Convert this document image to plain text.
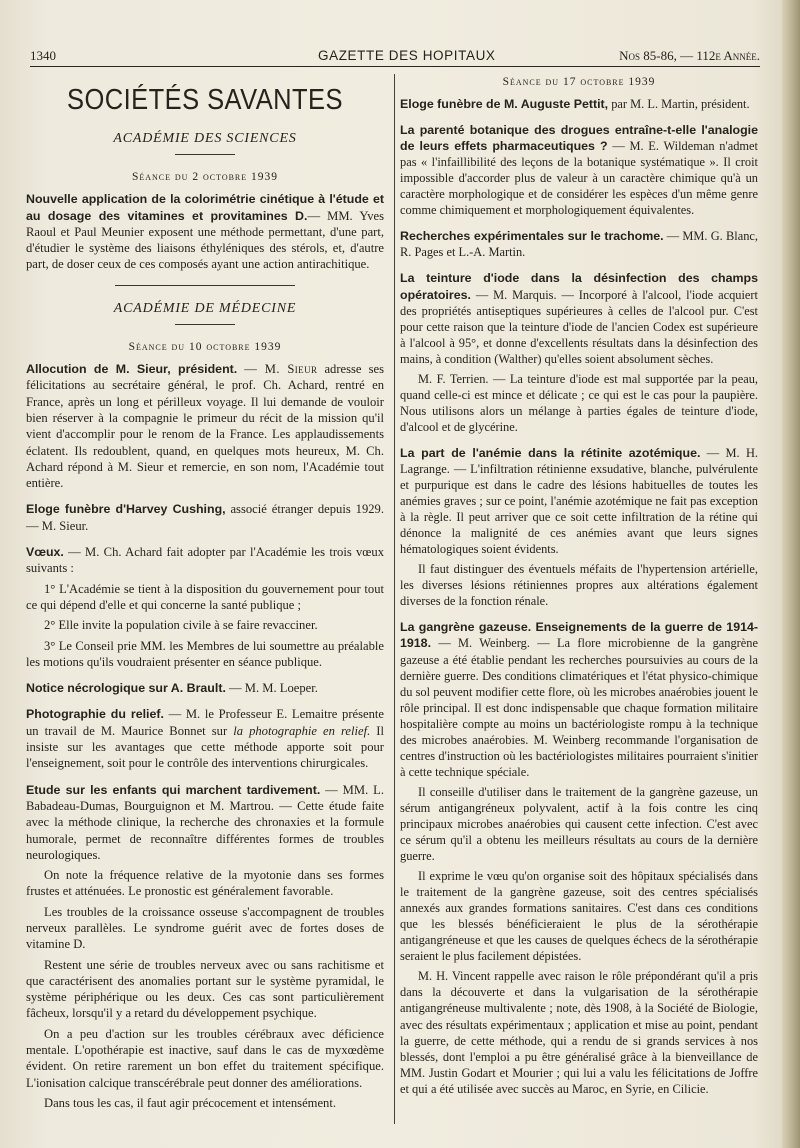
1340	GAZETTE DES HOPITAUX	Nos 85-86, — 112e Année.
SOCIÉTÉS SAVANTES
ACADÉMIE DES SCIENCES
Séance du 2 octobre 1939

Nouvelle application de la colorimétrie cinétique à l'étude et au dosage des vitamines et provitamines D.— MM. Yves Raoul et Paul Meunier exposent une méthode permettant, d'une part, d'étudier le système des liaisons éthyléniques des stérols, et, d'autre part, de doser ceux de ces composés ayant une action antirachitique.

ACADÉMIE DE MÉDECINE
Séance du 10 octobre 1939

Allocution de M. Sieur, président. — M. Sieur adresse ses félicitations au secrétaire général, le prof. Ch. Achard, rentré en France, après un long et périlleux voyage. Il lui demande de vouloir bien réserver à la compagnie le primeur du récit de la mission qu'il vient d'accomplir pour le renom de la France. Les applaudissements éclatent. Ils redoublent, quand, en quelques mots heureux, M. Ch. Achard répond à M. Sieur et remercie, en son nom, l'Académie tout entière.

Eloge funèbre d'Harvey Cushing, associé étranger depuis 1929. — M. Sieur.

Vœux. — M. Ch. Achard fait adopter par l'Académie les trois vœux suivants :

1° L'Académie se tient à la disposition du gouvernement pour tout ce qui dépend d'elle et qui concerne la santé publique ;

2° Elle invite la population civile à se faire revacciner.

3° Le Conseil prie MM. les Membres de lui soumettre au préalable les motions qu'ils voudraient présenter en séance publique.

Notice nécrologique sur A. Brault. — M. M. Loeper.

Photographie du relief. — M. le Professeur E. Lemaitre présente un travail de M. Maurice Bonnet sur la photographie en relief. Il insiste sur les avantages que cette méthode apporte soit pour l'enseignement, soit pour le contrôle des interventions chirurgicales.

Etude sur les enfants qui marchent tardivement. — MM. L. Babadeau-Dumas, Bourguignon et M. Martrou. — Cette étude faite avec la méthode clinique, la recherche des chronaxies et la formule humorale, permet de reconnaître différentes formes de troubles neurologiques.

On note la fréquence relative de la myotonie dans ses formes frustes et atténuées. Le pronostic est généralement favorable.

Les troubles de la croissance osseuse s'accompagnent de troubles nerveux parallèles. Le syndrome guérit avec de fortes doses de vitamine D.

Restent une série de troubles nerveux avec ou sans rachitisme et que caractérisent des anomalies portant sur le système pyramidal, le système périphérique ou les deux. Ces cas sont particulièrement fâcheux, lorsqu'il y a retard du développement psychique.

On a peu d'action sur les troubles cérébraux avec déficience mentale. L'opothérapie est inactive, sauf dans le cas de myxœdème évident. On retire rarement un bon effet du traitement spécifique. L'ionisation calcique transcérébrale peut donner des améliorations.

Dans tous les cas, il faut agir précocement et intensément.

Séance du 17 octobre 1939

Eloge funèbre de M. Auguste Pettit, par M. L. Martin, président.

La parenté botanique des drogues entraîne-t-elle l'analogie de leurs effets pharmaceutiques ? — M. E. Wildeman n'admet pas « l'infaillibilité des leçons de la botanique systématique ». Il croit impossible d'accorder plus de valeur à un caractère chimique qu'à un caractère morphologique et de considérer les espèces d'un même genre comme chimiquement et morphologiquement équivalentes.

Recherches expérimentales sur le trachome. — MM. G. Blanc, R. Pages et L.-A. Martin.

La teinture d'iode dans la désinfection des champs opératoires. — M. Marquis. — Incorporé à l'alcool, l'iode acquiert des propriétés antiseptiques supérieures à celles de l'alcool pur. C'est pour cette raison que la teinture d'iode de l'ancien Codex est supérieure à l'alcool à 95°, et donne d'excellents résultats dans la désinfection des mains, à condition (Walther) qu'elles soient absolument sèches.

M. F. Terrien. — La teinture d'iode est mal supportée par la peau, quand celle-ci est mince et délicate ; ce qui est le cas pour la paupière. Nous utilisons alors un mélange à parties égales de teinture d'iode, d'alcool et de glycérine.

La part de l'anémie dans la rétinite azotémique. — M. H. Lagrange. — L'infiltration rétinienne exsudative, blanche, pulvérulente et purpurique est dans le cadre des lésions habituelles de toutes les anémies graves ; sur ce point, l'anémie azotémique ne fait pas exception à la règle. Il peut arriver que ce soit cette infiltration de la rétine qui dénonce la malignité de ces anémies avant que leurs signes hématologiques soient évidents.

Il faut distinguer des éventuels méfaits de l'hypertension artérielle, les diverses lésions rétiniennes propres aux altérations également diverses de la fonction rénale.

La gangrène gazeuse. Enseignements de la guerre de 1914-1918. — M. Weinberg. — La flore microbienne de la gangrène gazeuse a été établie pendant les recherches poursuivies au cours de la dernière guerre. Des conditions climatériques et l'état physico-chimique du sol peuvent modifier cette flore, où les microbes anaérobies jouent le rôle principal. Il est donc indispensable que chaque formation militaire hospitalière compte au moins un bactériologiste rompu à la technique des microbes anaérobies. M. Weinberg recommande l'organisation de centres d'instruction où les bactériologistes militaires pourraient s'initier à cette technique spéciale.

Il conseille d'utiliser dans le traitement de la gangrène gazeuse, un sérum antigangréneux polyvalent, actif à la fois contre les cinq principaux microbes anaérobies qui causent cette infection. C'est avec ce sérum qu'il a obtenu les meilleurs résultats au cours de la dernière guerre.

Il exprime le vœu qu'on organise soit des hôpitaux spécialisés dans le traitement de la gangrène gazeuse, soit des centres spécialisés annexés aux grandes formations sanitaires. C'est dans ces conditions que les blessés bénéficieraient le plus de la sérothérapie antigangréneuse et que les causes de quelques échecs de la sérothérapie seraient le plus facilement dépistées.

M. H. Vincent rappelle avec raison le rôle prépondérant qu'il a pris dans la découverte et dans la vulgarisation de la sérothérapie antigangréneuse multivalente ; note, dès 1908, à la Société de Biologie, avec des résultats expérimentaux ; application et mise au point, pendant la guerre, de cette méthode, qui a rendu de si grands services à nos blessés, dont l'emploi a pu être généralisé grâce à la bienveillance de MM. Justin Godart et Mourier ; qui lui a valu les félicitations de Joffre et qui a été utilisée avec succès au Maroc, en Syrie, en Cilicie.
